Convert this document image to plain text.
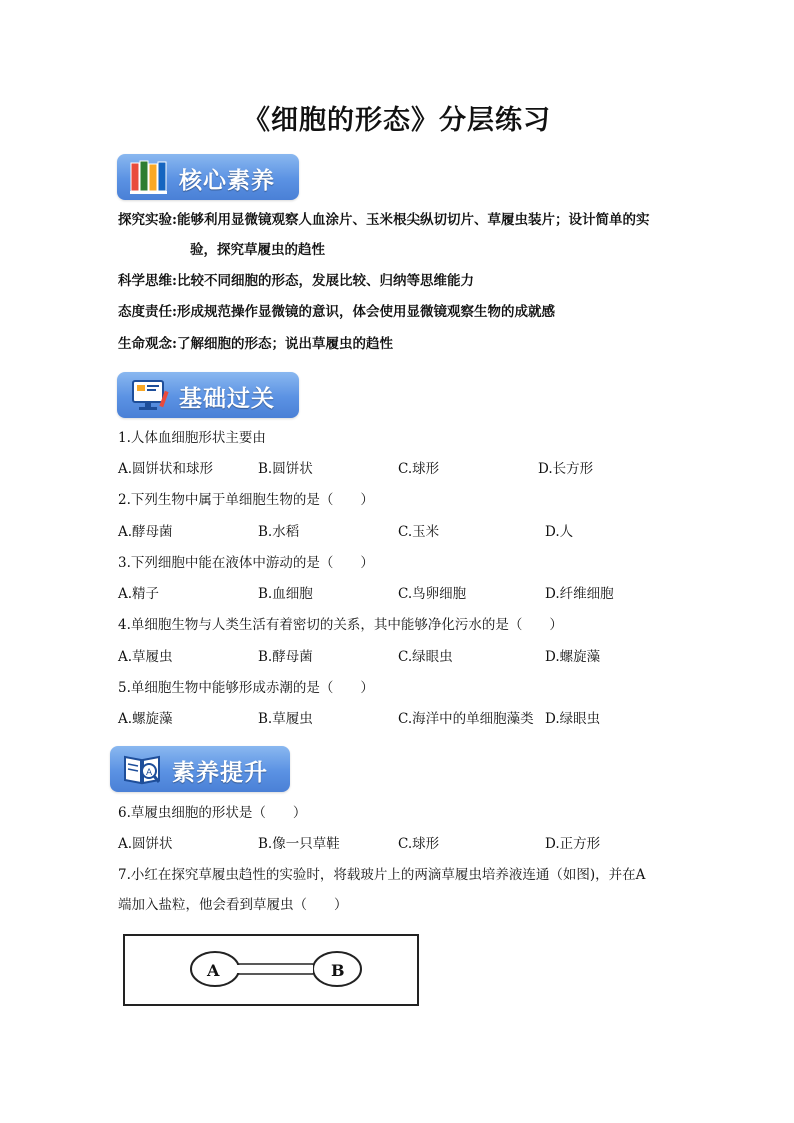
《细胞的形态》分层练习
核心素养
探究实验:能够利用显微镜观察人血涂片、玉米根尖纵切切片、草履虫装片；设计简单的实
验，探究草履虫的趋性
科学思维:比较不同细胞的形态，发展比较、归纳等思维能力
态度责任:形成规范操作显微镜的意识，体会使用显微镜观察生物的成就感
生命观念:了解细胞的形态；说出草履虫的趋性
基础过关
1.人体血细胞形状主要由
A.圆饼状和球形	B.圆饼状	C.球形	D.长方形
2.下列生物中属于单细胞生物的是（　　）
A.酵母菌	B.水稻	C.玉米	D.人
3.下列细胞中能在液体中游动的是（　　）
A.精子	B.血细胞	C.鸟卵细胞	D.纤维细胞
4.单细胞生物与人类生活有着密切的关系，其中能够净化污水的是（　　）
A.草履虫	B.酵母菌	C.绿眼虫	D.螺旋藻
5.单细胞生物中能够形成赤潮的是（　　）
A.螺旋藻	B.草履虫	C.海洋中的单细胞藻类 D.绿眼虫
A 素养提升
6.草履虫细胞的形状是（　　）
A.圆饼状	B.像一只草鞋	C.球形	D.正方形
7.小红在探究草履虫趋性的实验时，将载玻片上的两滴草履虫培养液连通（如图)，并在A
端加入盐粒，他会看到草履虫（　　）
A	B
